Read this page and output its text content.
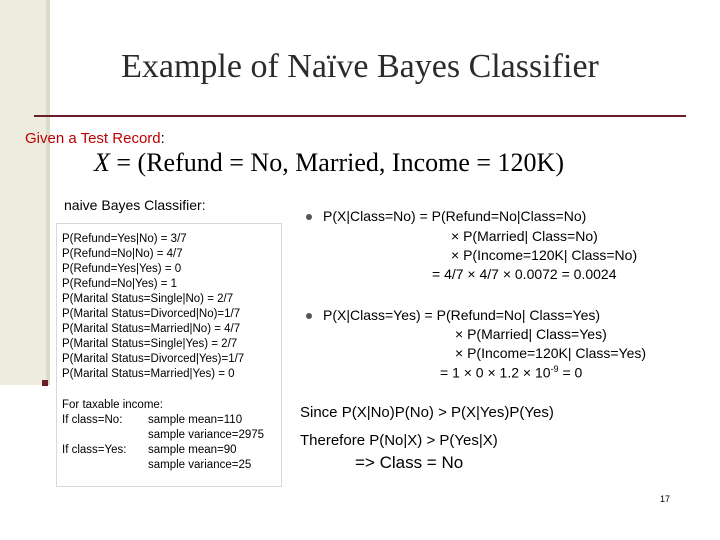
Example of Naïve Bayes Classifier
Given a Test Record:
X = (Refund = No, Married, Income = 120K)
naive Bayes Classifier:
P(Refund=Yes|No) = 3/7
P(Refund=No|No) = 4/7
P(Refund=Yes|Yes) = 0
P(Refund=No|Yes) = 1
P(Marital Status=Single|No) = 2/7
P(Marital Status=Divorced|No)=1/7
P(Marital Status=Married|No) = 4/7
P(Marital Status=Single|Yes) = 2/7
P(Marital Status=Divorced|Yes)=1/7
P(Marital Status=Married|Yes) = 0
For taxable income:
If class=No: sample mean=110
sample variance=2975
If class=Yes: sample mean=90
sample variance=25
P(X|Class=No) = P(Refund=No|Class=No)
× P(Married| Class=No)
× P(Income=120K| Class=No)
= 4/7 × 4/7 × 0.0072 = 0.0024
P(X|Class=Yes) = P(Refund=No| Class=Yes)
× P(Married| Class=Yes)
× P(Income=120K| Class=Yes)
= $1 \times 0 \times 1.2 \times 10^{-9} = 0$
Since P(X|No)P(No) > P(X|Yes)P(Yes)
Therefore P(No|X) > P(Yes|X)
=> Class = No
17
